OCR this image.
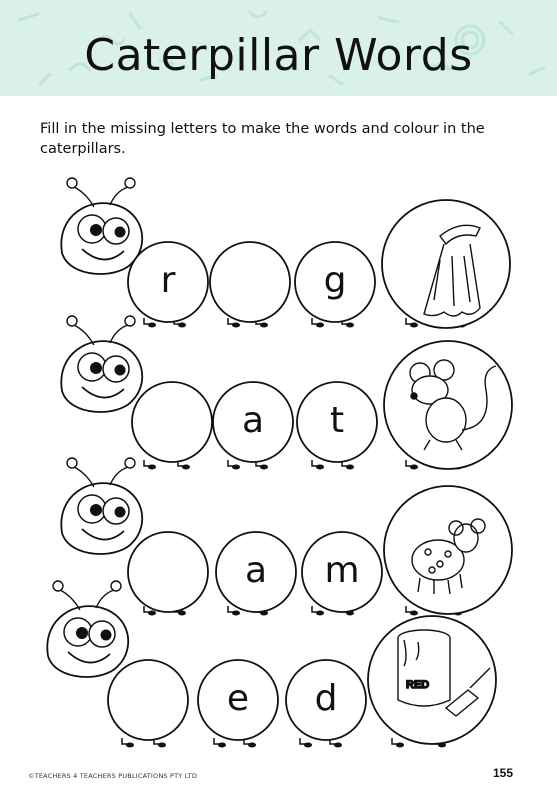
Caterpillar Words
Fill in the missing letters to make the words and colour in the caterpillars.
r	g
a t
a m
e d	RED
©TEACHERS 4 TEACHERS PUBLICATIONS PTY LTD	155
